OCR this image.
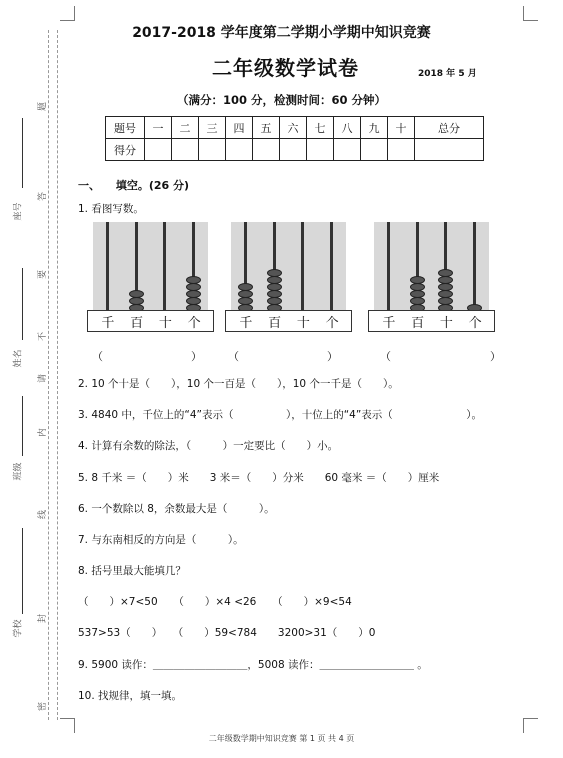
座号
姓名
班级
学校
题
答
要
不
请
内
线
封
密
2017-2018 学年度第二学期小学期中知识竞赛
二年级数学试卷	2018 年 5 月
（满分：100 分，检测时间：60 分钟）
题号	一	二	三	四	五	六	七	八	九	十	总分
得分											
一、 填空。(26 分)
1. 看图写数。
千 百 十 个	千 百 十 个	千 百 十 个
（　　　　　　　　） （　　　　　　　　）	（　　　　　　　　　）
2. 10 个十是（　　），10 个一百是（　　），10 个一千是（　　）。
3. 4840 中，千位上的“4”表示（　　　　　），十位上的“4”表示（　　　　　　　）。
4. 计算有余数的除法，（　　　）一定要比（　　）小。
5. 8 千米 ＝（　　）米　　3 米＝（　　）分米　　60 毫米 ＝（　　）厘米
6. 一个数除以 8，余数最大是（　　　）。
7. 与东南相反的方向是（　　　）。
8. 括号里最大能填几？
（　　）×7<50　　（　　）×4 <26　　（　　）×9<54
537>53（　　）　　（　　）59<784　　3200>31（　　）0
9. 5900 读作：＿＿＿＿＿＿＿＿＿，5008 读作：＿＿＿＿＿＿＿＿＿ 。
10. 找规律，填一填。
二年级数学期中知识竞赛 第 1 页 共 4 页
